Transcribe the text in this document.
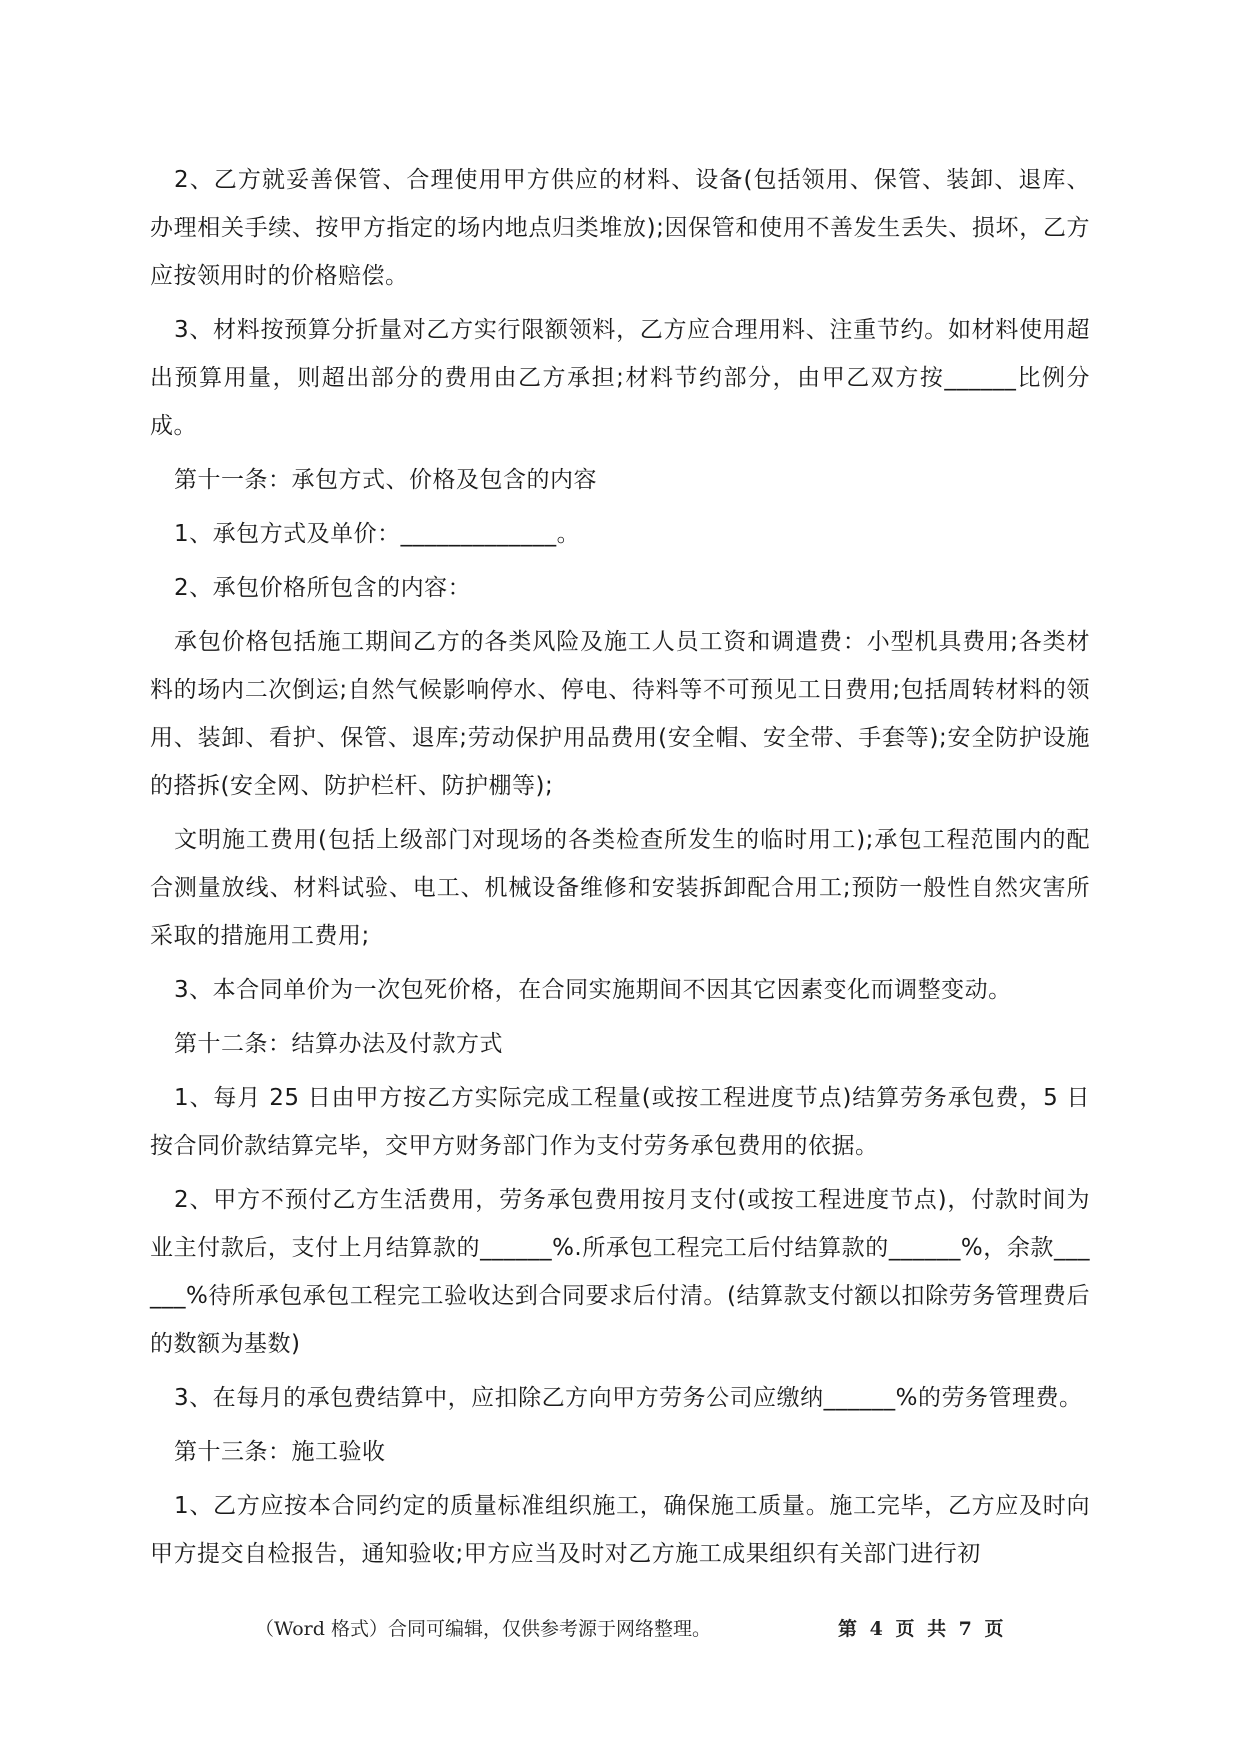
2、乙方就妥善保管、合理使用甲方供应的材料、设备(包括领用、保管、装卸、退库、办理相关手续、按甲方指定的场内地点归类堆放);因保管和使用不善发生丢失、损坏，乙方应按领用时的价格赔偿。

3、材料按预算分折量对乙方实行限额领料，乙方应合理用料、注重节约。如材料使用超出预算用量，则超出部分的费用由乙方承担;材料节约部分，由甲乙双方按______比例分成。

第十一条：承包方式、价格及包含的内容

1、承包方式及单价：_____________。

2、承包价格所包含的内容：

承包价格包括施工期间乙方的各类风险及施工人员工资和调遣费：小型机具费用;各类材料的场内二次倒运;自然气候影响停水、停电、待料等不可预见工日费用;包括周转材料的领用、装卸、看护、保管、退库;劳动保护用品费用(安全帽、安全带、手套等);安全防护设施的搭拆(安全网、防护栏杆、防护棚等);

文明施工费用(包括上级部门对现场的各类检查所发生的临时用工);承包工程范围内的配合测量放线、材料试验、电工、机械设备维修和安装拆卸配合用工;预防一般性自然灾害所采取的措施用工费用;

3、本合同单价为一次包死价格，在合同实施期间不因其它因素变化而调整变动。

第十二条：结算办法及付款方式

1、每月 25 日由甲方按乙方实际完成工程量(或按工程进度节点)结算劳务承包费，5 日按合同价款结算完毕，交甲方财务部门作为支付劳务承包费用的依据。

2、甲方不预付乙方生活费用，劳务承包费用按月支付(或按工程进度节点)，付款时间为业主付款后，支付上月结算款的______%.所承包工程完工后付结算款的______%，余款______%待所承包承包工程完工验收达到合同要求后付清。(结算款支付额以扣除劳务管理费后的数额为基数)

3、在每月的承包费结算中，应扣除乙方向甲方劳务公司应缴纳______%的劳务管理费。

第十三条：施工验收

1、乙方应按本合同约定的质量标准组织施工，确保施工质量。施工完毕，乙方应及时向甲方提交自检报告，通知验收;甲方应当及时对乙方施工成果组织有关部门进行初

（Word 格式）合同可编辑，仅供参考源于网络整理。	第 4 页 共 7 页
